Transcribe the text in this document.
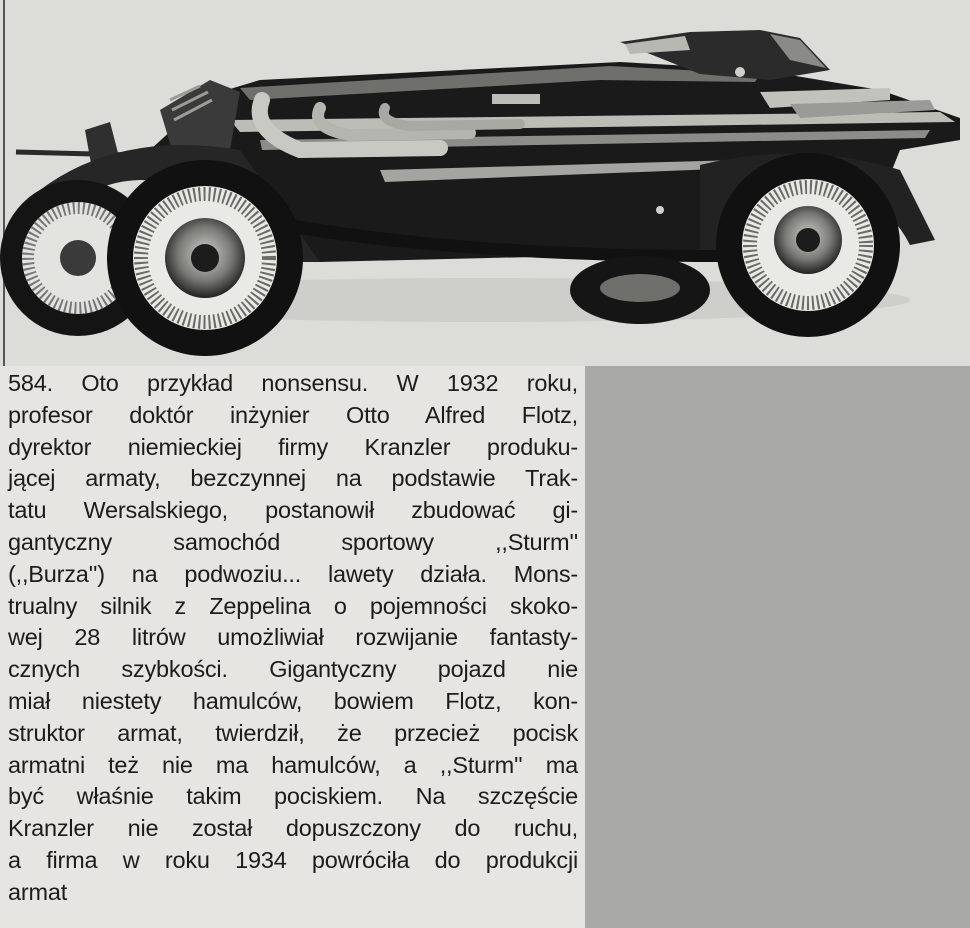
584. Oto przykład nonsensu. W 1932 roku,
profesor doktór inżynier Otto Alfred Flotz,
dyrektor niemieckiej firmy Kranzler produku-
jącej armaty, bezczynnej na podstawie Trak-
tatu Wersalskiego, postanowił zbudować gi-
gantyczny samochód sportowy ,,Sturm''
(,,Burza'') na podwoziu... lawety działa. Mons-
trualny silnik z Zeppelina o pojemności skoko-
wej 28 litrów umożliwiał rozwijanie fantasty-
cznych szybkości. Gigantyczny pojazd nie
miał niestety hamulców, bowiem Flotz, kon-
struktor armat, twierdził, że przecież pocisk
armatni też nie ma hamulców, a ,,Sturm'' ma
być właśnie takim pociskiem. Na szczęście
Kranzler nie został dopuszczony do ruchu,
a firma w roku 1934 powróciła do produkcji
armat
